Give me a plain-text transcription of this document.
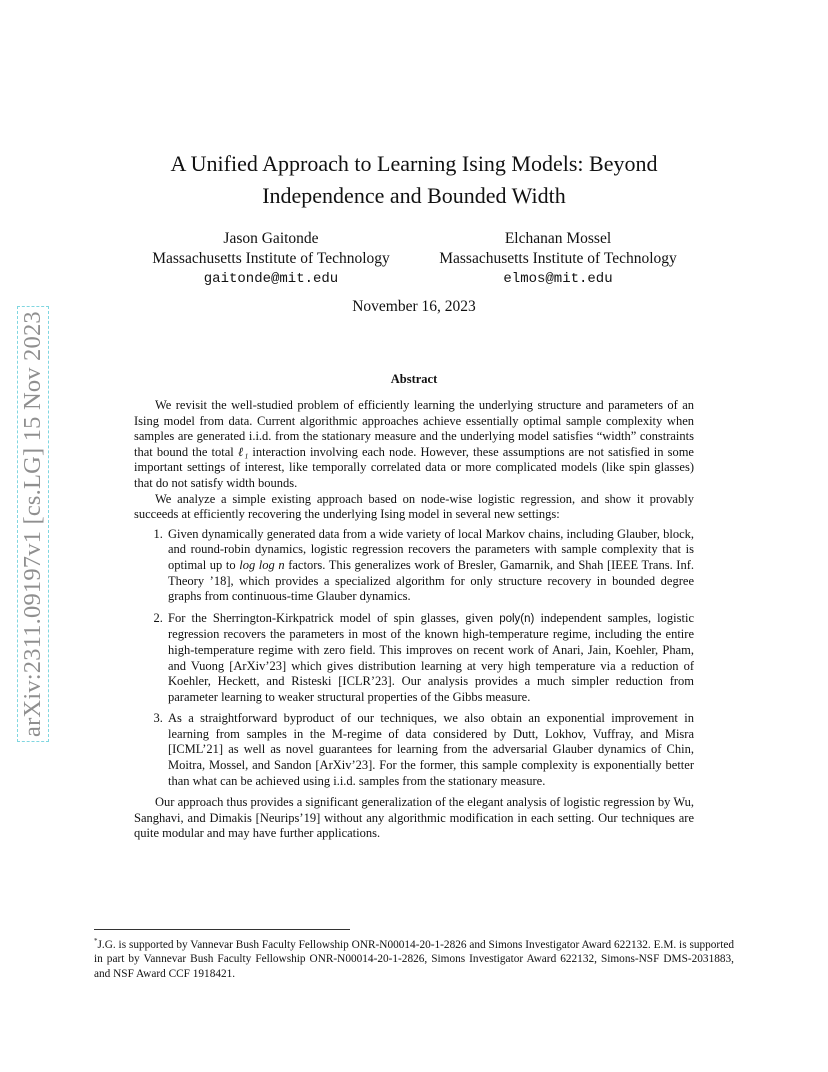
arXiv:2311.09197v1 [cs.LG] 15 Nov 2023
A Unified Approach to Learning Ising Models: Beyond
Independence and Bounded Width
Jason Gaitonde
Massachusetts Institute of Technology
gaitonde@mit.edu
Elchanan Mossel
Massachusetts Institute of Technology
elmos@mit.edu
November 16, 2023
Abstract

We revisit the well-studied problem of efficiently learning the underlying structure and parameters of an Ising model from data. Current algorithmic approaches achieve essentially optimal sample complexity when samples are generated i.i.d. from the stationary measure and the underlying model satisfies “width” constraints that bound the total ℓ₁ interaction involving each node. However, these assumptions are not satisfied in some important settings of interest, like temporally correlated data or more complicated models (like spin glasses) that do not satisfy width bounds.

We analyze a simple existing approach based on node-wise logistic regression, and show it provably succeeds at efficiently recovering the underlying Ising model in several new settings:

1. Given dynamically generated data from a wide variety of local Markov chains, including Glauber, block, and round-robin dynamics, logistic regression recovers the parameters with sample complexity that is optimal up to log log n factors. This generalizes work of Bresler, Gamarnik, and Shah [IEEE Trans. Inf. Theory ’18], which provides a specialized algorithm for only structure recovery in bounded degree graphs from continuous-time Glauber dynamics.
2. For the Sherrington-Kirkpatrick model of spin glasses, given poly(n) independent samples, logistic regression recovers the parameters in most of the known high-temperature regime, including the entire high-temperature regime with zero field. This improves on recent work of Anari, Jain, Koehler, Pham, and Vuong [ArXiv’23] which gives distribution learning at very high temperature via a reduction of Koehler, Heckett, and Risteski [ICLR’23]. Our analysis provides a much simpler reduction from parameter learning to weaker structural properties of the Gibbs measure.
3. As a straightforward byproduct of our techniques, we also obtain an exponential improvement in learning from samples in the M-regime of data considered by Dutt, Lokhov, Vuffray, and Misra [ICML’21] as well as novel guarantees for learning from the adversarial Glauber dynamics of Chin, Moitra, Mossel, and Sandon [ArXiv’23]. For the former, this sample complexity is exponentially better than what can be achieved using i.i.d. samples from the stationary measure.

Our approach thus provides a significant generalization of the elegant analysis of logistic regression by Wu, Sanghavi, and Dimakis [Neurips’19] without any algorithmic modification in each setting. Our techniques are quite modular and may have further applications.

*J.G. is supported by Vannevar Bush Faculty Fellowship ONR-N00014-20-1-2826 and Simons Investigator Award 622132. E.M. is supported in part by Vannevar Bush Faculty Fellowship ONR-N00014-20-1-2826, Simons Investigator Award 622132, Simons-NSF DMS-2031883, and NSF Award CCF 1918421.
